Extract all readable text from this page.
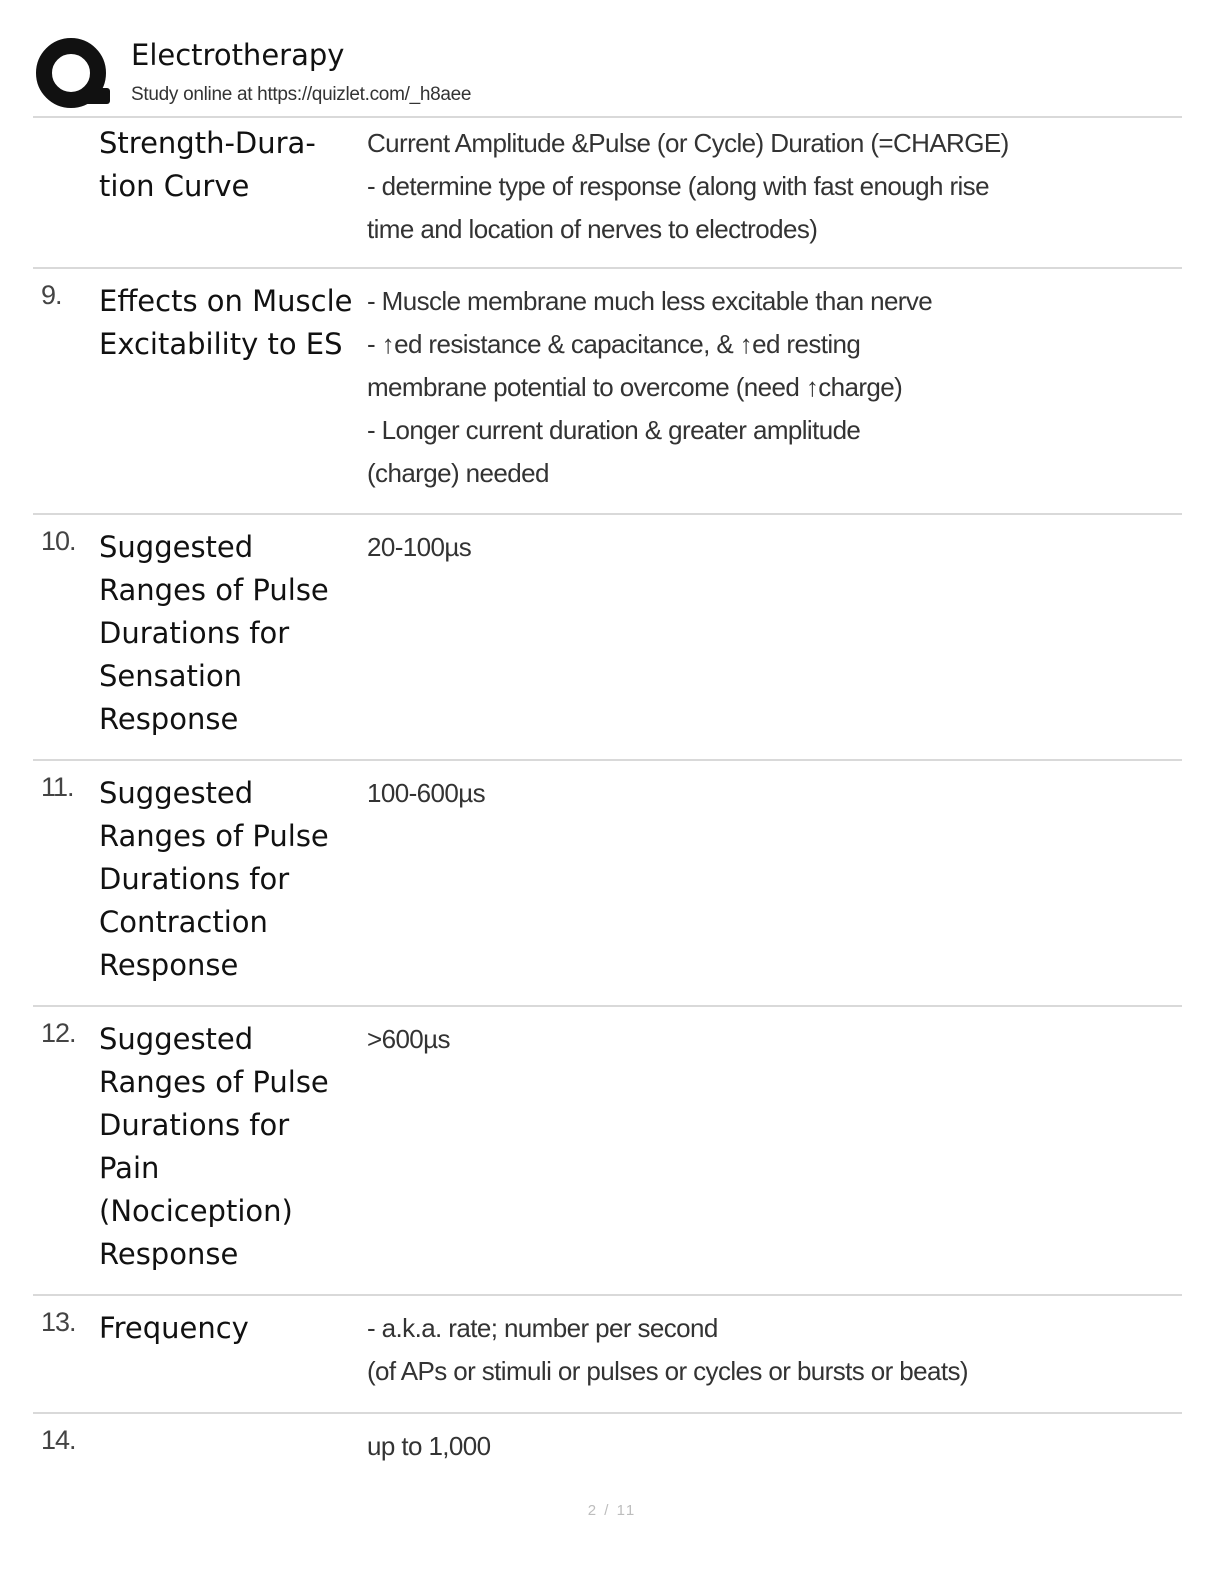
Electrotherapy
Study online at https://quizlet.com/_h8aee
Strength-Dura-
tion Curve
Current Amplitude &Pulse (or Cycle) Duration (=CHARGE)
- determine type of response (along with fast enough rise
time and location of nerves to electrodes)
9. Effects on Muscle
Excitability to ES
- Muscle membrane much less excitable than nerve
- ↑ed resistance & capacitance, & ↑ed resting
membrane potential to overcome (need ↑charge)
- Longer current duration & greater amplitude
(charge) needed
10. Suggested
Ranges of Pulse
Durations for
Sensation
Response
20-100µs
11. Suggested
Ranges of Pulse
Durations for
Contraction
Response
100-600µs
12. Suggested
Ranges of Pulse
Durations for
Pain
(Nociception)
Response
>600µs
13. Frequency	- a.k.a. rate; number per second
(of APs or stimuli or pulses or cycles or bursts or beats)
14.	up to 1,000
2 / 11
